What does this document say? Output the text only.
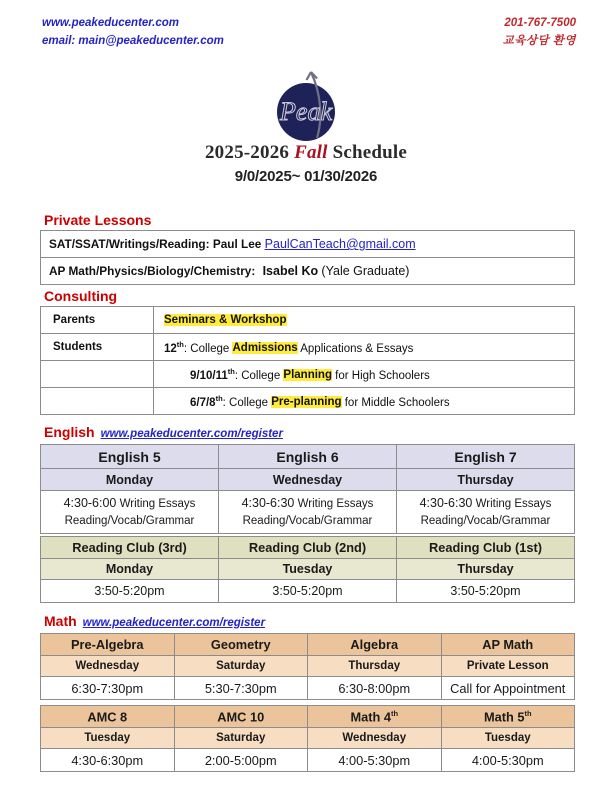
www.peakeducenter.com
email: main@peakeducenter.com
201-767-7500
교육상담 환영
Peak
2025-2026 Fall Schedule
9/0/2025~ 01/30/2026
Private Lessons
SAT/SSAT/Writings/Reading: Paul Lee PaulCanTeach@gmail.com
AP Math/Physics/Biology/Chemistry: Isabel Ko (Yale Graduate)
Consulting
Parents	Seminars & Workshop
Students	12th: College Admissions Applications & Essays
	9/10/11th: College Planning for High Schoolers
	6/7/8th: College Pre-planning for Middle Schoolers
English www.peakeducenter.com/register
English 5	English 6	English 7
Monday	Wednesday	Thursday
4:30-6:00 Writing Essays
Reading/Vocab/Grammar	4:30-6:30 Writing Essays
Reading/Vocab/Grammar	4:30-6:30 Writing Essays
Reading/Vocab/Grammar
Reading Club (3rd)	Reading Club (2nd)	Reading Club (1st)
Monday	Tuesday	Thursday
3:50-5:20pm	3:50-5:20pm	3:50-5:20pm
Math www.peakeducenter.com/register
Pre-Algebra	Geometry	Algebra	AP Math
Wednesday	Saturday	Thursday	Private Lesson
6:30-7:30pm	5:30-7:30pm	6:30-8:00pm	Call for Appointment
AMC 8	AMC 10	Math 4th	Math 5th
Tuesday	Saturday	Wednesday	Tuesday
4:30-6:30pm	2:00-5:00pm	4:00-5:30pm	4:00-5:30pm
